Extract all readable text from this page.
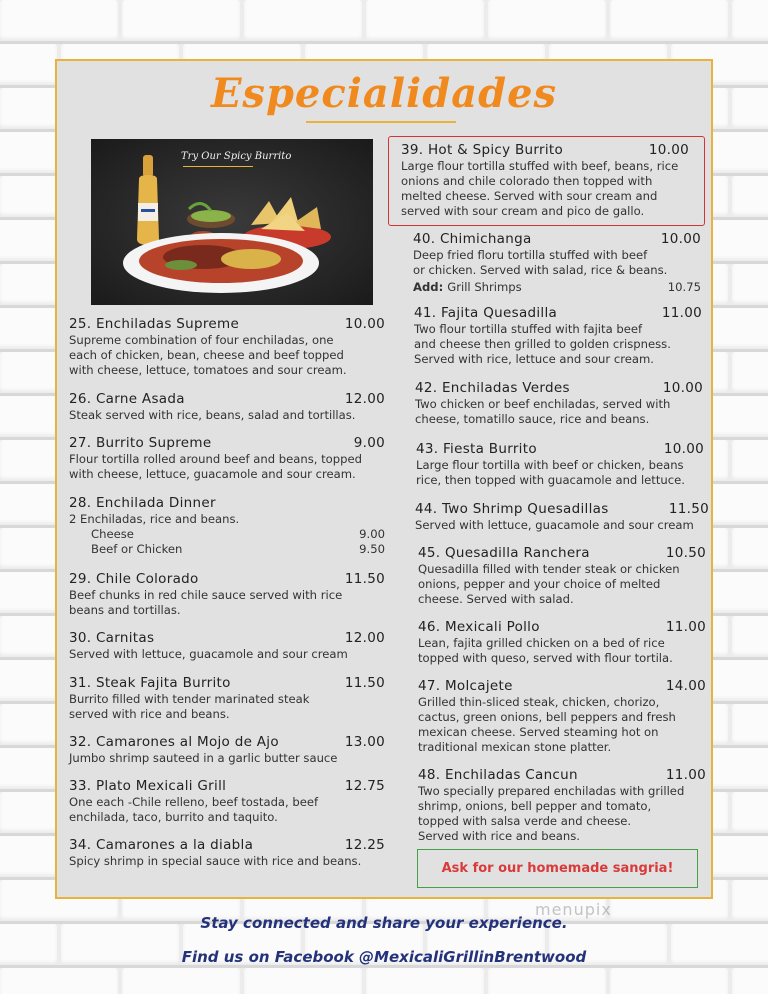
Especialidades
Try Our Spicy Burrito
25. Enchiladas Supreme	10.00
Supreme combination of four enchiladas, one
each of chicken, bean, cheese and beef topped
with cheese, lettuce, tomatoes and sour cream.
26. Carne Asada	12.00
Steak served with rice, beans, salad and tortillas.
27. Burrito Supreme	9.00
Flour tortilla rolled around beef and beans, topped
with cheese, lettuce, guacamole and sour cream.
28. Enchilada Dinner
2 Enchiladas, rice and beans.
Cheese	9.00
Beef or Chicken	9.50
29. Chile Colorado	11.50
Beef chunks in red chile sauce served with rice
beans and tortillas.
30. Carnitas	12.00
Served with lettuce, guacamole and sour cream
31. Steak Fajita Burrito	11.50
Burrito filled with tender marinated steak
served with rice and beans.
32. Camarones al Mojo de Ajo	13.00
Jumbo shrimp sauteed in a garlic butter sauce
33. Plato Mexicali Grill	12.75
One each -Chile relleno, beef tostada, beef
enchilada, taco, burrito and taquito.
34. Camarones a la diabla	12.25
Spicy shrimp in special sauce with rice and beans.
39. Hot & Spicy Burrito	10.00
Large flour tortilla stuffed with beef, beans, rice
onions and chile colorado then topped with
melted cheese. Served with sour cream and
served with sour cream and pico de gallo.
40. Chimichanga	10.00
Deep fried floru tortilla stuffed with beef
or chicken. Served with salad, rice & beans.
Add: Grill Shrimps	10.75
41. Fajita Quesadilla	11.00
Two flour tortilla stuffed with fajita beef
and cheese then grilled to golden crispness.
Served with rice, lettuce and sour cream.
42. Enchiladas Verdes	10.00
Two chicken or beef enchiladas, served with
cheese, tomatillo sauce, rice and beans.
43. Fiesta Burrito	10.00
Large flour tortilla with beef or chicken, beans
rice, then topped with guacamole and lettuce.
44. Two Shrimp Quesadillas	11.50
Served with lettuce, guacamole and sour cream
45. Quesadilla Ranchera	10.50
Quesadilla filled with tender steak or chicken
onions, pepper and your choice of melted
cheese. Served with salad.
46. Mexicali Pollo	11.00
Lean, fajita grilled chicken on a bed of rice
topped with queso, served with flour tortila.
47. Molcajete	14.00
Grilled thin-sliced steak, chicken, chorizo,
cactus, green onions, bell peppers and fresh
mexican cheese. Served steaming hot on
traditional mexican stone platter.
48. Enchiladas Cancun	11.00
Two specially prepared enchiladas with grilled
shrimp, onions, bell pepper and tomato,
topped with salsa verde and cheese.
Served with rice and beans.
Ask for our homemade sangria!
menupix
Stay connected and share your experience.
Find us on Facebook @MexicaliGrillinBrentwood
